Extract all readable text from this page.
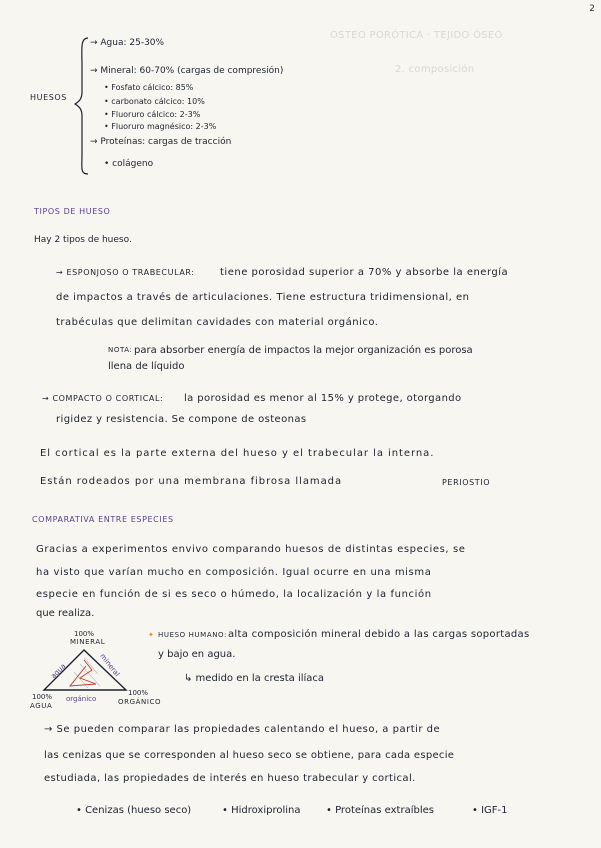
2
OSTEO PORÓTICA · TEJIDO ÓSEO
2. composición
HUESOS
→ Agua: 25-30%
→ Mineral: 60-70% (cargas de compresión)
• Fosfato cálcico: 85%
• carbonato cálcico: 10%
• Fluoruro cálcico: 2-3%
• Fluoruro magnésico: 2-3%
→ Proteínas: cargas de tracción
• colágeno
TIPOS DE HUESO
Hay 2 tipos de hueso.
→ ESPONJOSO O TRABECULAR:	tiene porosidad superior a 70% y absorbe la energía
de impactos a través de articulaciones. Tiene estructura tridimensional, en
trabéculas que delimitan cavidades con material orgánico.
NOTA: para absorber energía de impactos la mejor organización es porosa
llena de líquido
→ COMPACTO O CORTICAL: la porosidad es menor al 15% y protege, otorgando
rigidez y resistencia. Se compone de osteonas
El cortical es la parte externa del hueso y el trabecular la interna.
Están rodeados por una membrana fibrosa llamada	PERIOSTIO
COMPARATIVA ENTRE ESPECIES
Gracias a experimentos envivo comparando huesos de distintas especies, se
ha visto que varían mucho en composición. Igual ocurre en una misma
especie en función de si es seco o húmedo, la localización y la función
que realiza.
100%
MINERAL
agua	mineral
orgánico
100%
AGUA
100%
ORGÁNICO
✦ HUESO HUMANO: alta composición mineral debido a las cargas soportadas
y bajo en agua.
↳ medido en la cresta ilíaca
→ Se pueden comparar las propiedades calentando el hueso, a partir de
las cenizas que se corresponden al hueso seco se obtiene, para cada especie
estudiada, las propiedades de interés en hueso trabecular y cortical.
• Cenizas (hueso seco)	• Hidroxiprolina	• Proteínas extraíbles	• IGF-1
